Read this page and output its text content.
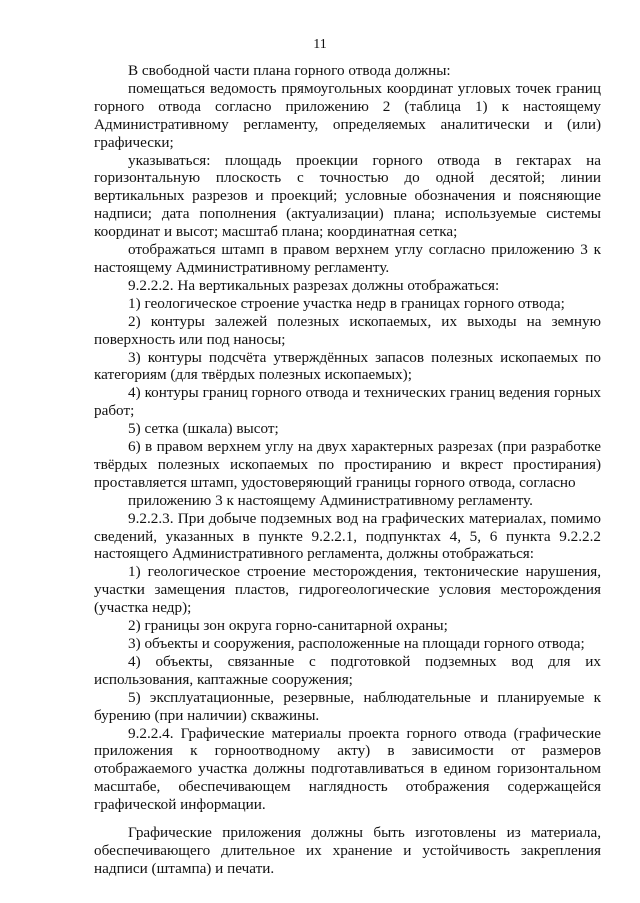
11

В свободной части плана горного отвода должны:

помещаться ведомость прямоугольных координат угловых точек границ горного отвода согласно приложению 2 (таблица 1) к настоящему Административному регламенту, определяемых аналитически и (или) графически;

указываться: площадь проекции горного отвода в гектарах на горизонтальную плоскость с точностью до одной десятой; линии вертикальных разрезов и проекций; условные обозначения и поясняющие надписи; дата пополнения (актуализации) плана; используемые системы координат и высот; масштаб плана; координатная сетка;

отображаться штамп в правом верхнем углу согласно приложению 3 к настоящему Административному регламенту.

9.2.2.2. На вертикальных разрезах должны отображаться:

1) геологическое строение участка недр в границах горного отвода;

2) контуры залежей полезных ископаемых, их выходы на земную поверхность или под наносы;

3) контуры подсчёта утверждённых запасов полезных ископаемых по категориям (для твёрдых полезных ископаемых);

4) контуры границ горного отвода и технических границ ведения горных работ;

5) сетка (шкала) высот;

6) в правом верхнем углу на двух характерных разрезах (при разработке твёрдых полезных ископаемых по простиранию и вкрест простирания) проставляется штамп, удостоверяющий границы горного отвода, согласно

приложению 3 к настоящему Административному регламенту.

9.2.2.3. При добыче подземных вод на графических материалах, помимо сведений, указанных в пункте 9.2.2.1, подпунктах 4, 5, 6 пункта 9.2.2.2 настоящего Административного регламента, должны отображаться:

1) геологическое строение месторождения, тектонические нарушения, участки замещения пластов, гидрогеологические условия месторождения (участка недр);

2) границы зон округа горно-санитарной охраны;

3) объекты и сооружения, расположенные на площади горного отвода;

4) объекты, связанные с подготовкой подземных вод для их использования, каптажные сооружения;

5) эксплуатационные, резервные, наблюдательные и планируемые к бурению (при наличии) скважины.

9.2.2.4. Графические материалы проекта горного отвода (графические приложения к горноотводному акту) в зависимости от размеров отображаемого участка должны подготавливаться в едином горизонтальном масштабе, обеспечивающем наглядность отображения содержащейся графической информации.

Графические приложения должны быть изготовлены из материала, обеспечивающего длительное их хранение и устойчивость закрепления надписи (штампа) и печати.
